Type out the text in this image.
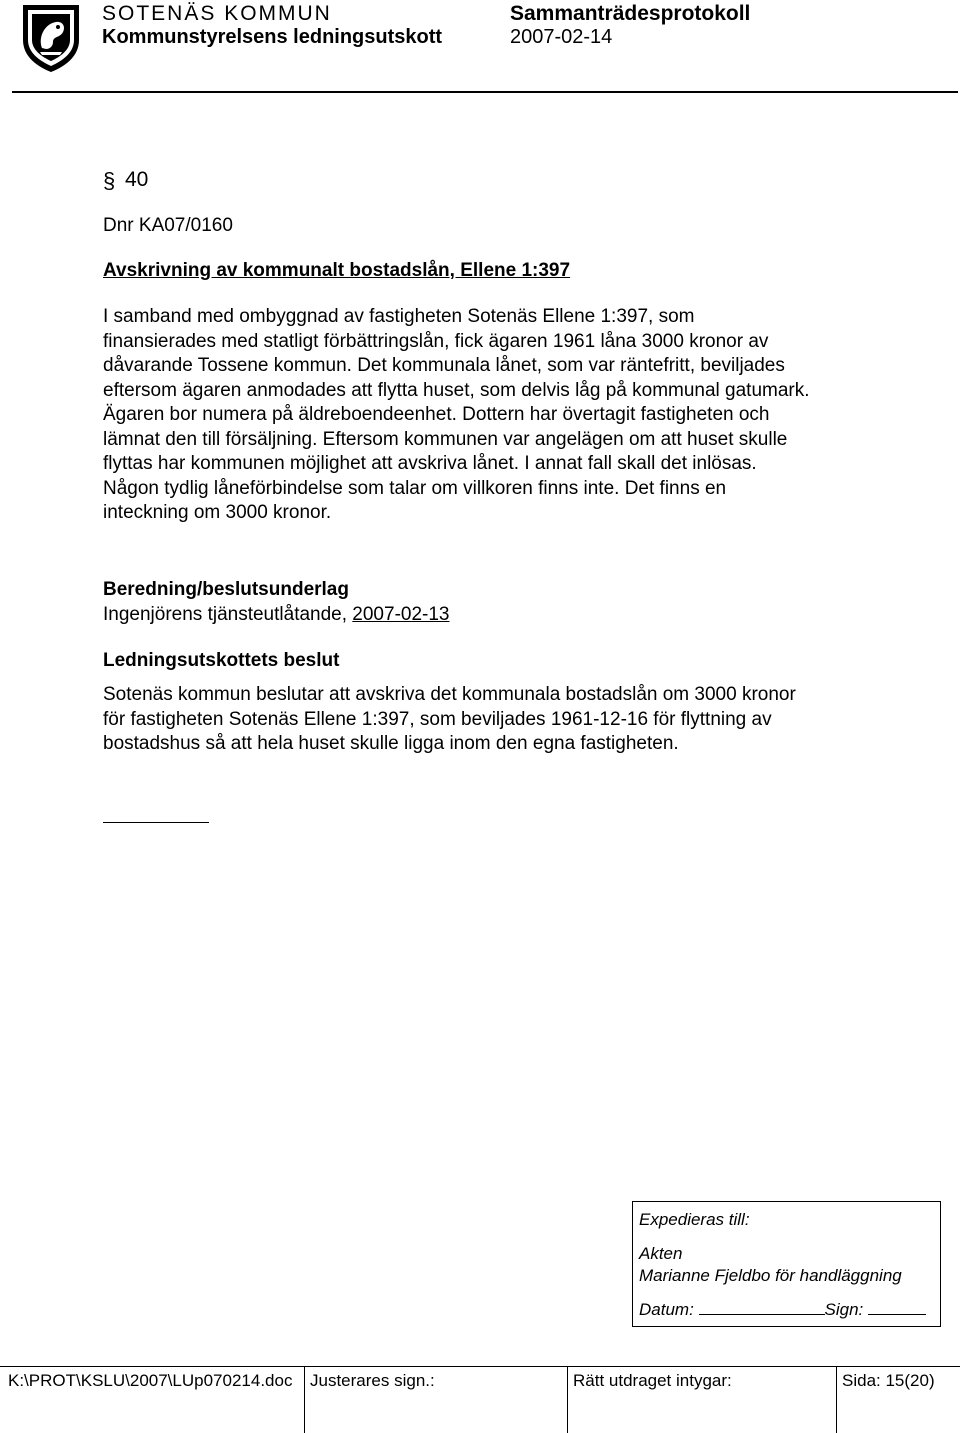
SOTENÄS KOMMUN
Kommunstyrelsens ledningsutskott
Sammanträdesprotokoll
2007-02-14
§ 40
Dnr KA07/0160
Avskrivning av kommunalt bostadslån, Ellene 1:397
I samband med ombyggnad av fastigheten Sotenäs Ellene 1:397, som
finansierades med statligt förbättringslån, fick ägaren 1961 låna 3000 kronor av
dåvarande Tossene kommun. Det kommunala lånet, som var räntefritt, beviljades
eftersom ägaren anmodades att flytta huset, som delvis låg på kommunal gatumark.
Ägaren bor numera på äldreboendeenhet. Dottern har övertagit fastigheten och
lämnat den till försäljning. Eftersom kommunen var angelägen om att huset skulle
flyttas har kommunen möjlighet att avskriva lånet. I annat fall skall det inlösas.
Någon tydlig låneförbindelse som talar om villkoren finns inte. Det finns en
inteckning om 3000 kronor.
Beredning/beslutsunderlag
Ingenjörens tjänsteutlåtande, 2007-02-13
Ledningsutskottets beslut
Sotenäs kommun beslutar att avskriva det kommunala bostadslån om 3000 kronor
för fastigheten Sotenäs Ellene 1:397, som beviljades 1961-12-16 för flyttning av
bostadshus så att hela huset skulle ligga inom den egna fastigheten.
Expedieras till:
Akten
Marianne Fjeldbo för handläggning
Datum:	Sign:
K:\PROT\KSLU\2007\LUp070214.doc	Justerares sign.:	Rätt utdraget intygar:	Sida: 15(20)
